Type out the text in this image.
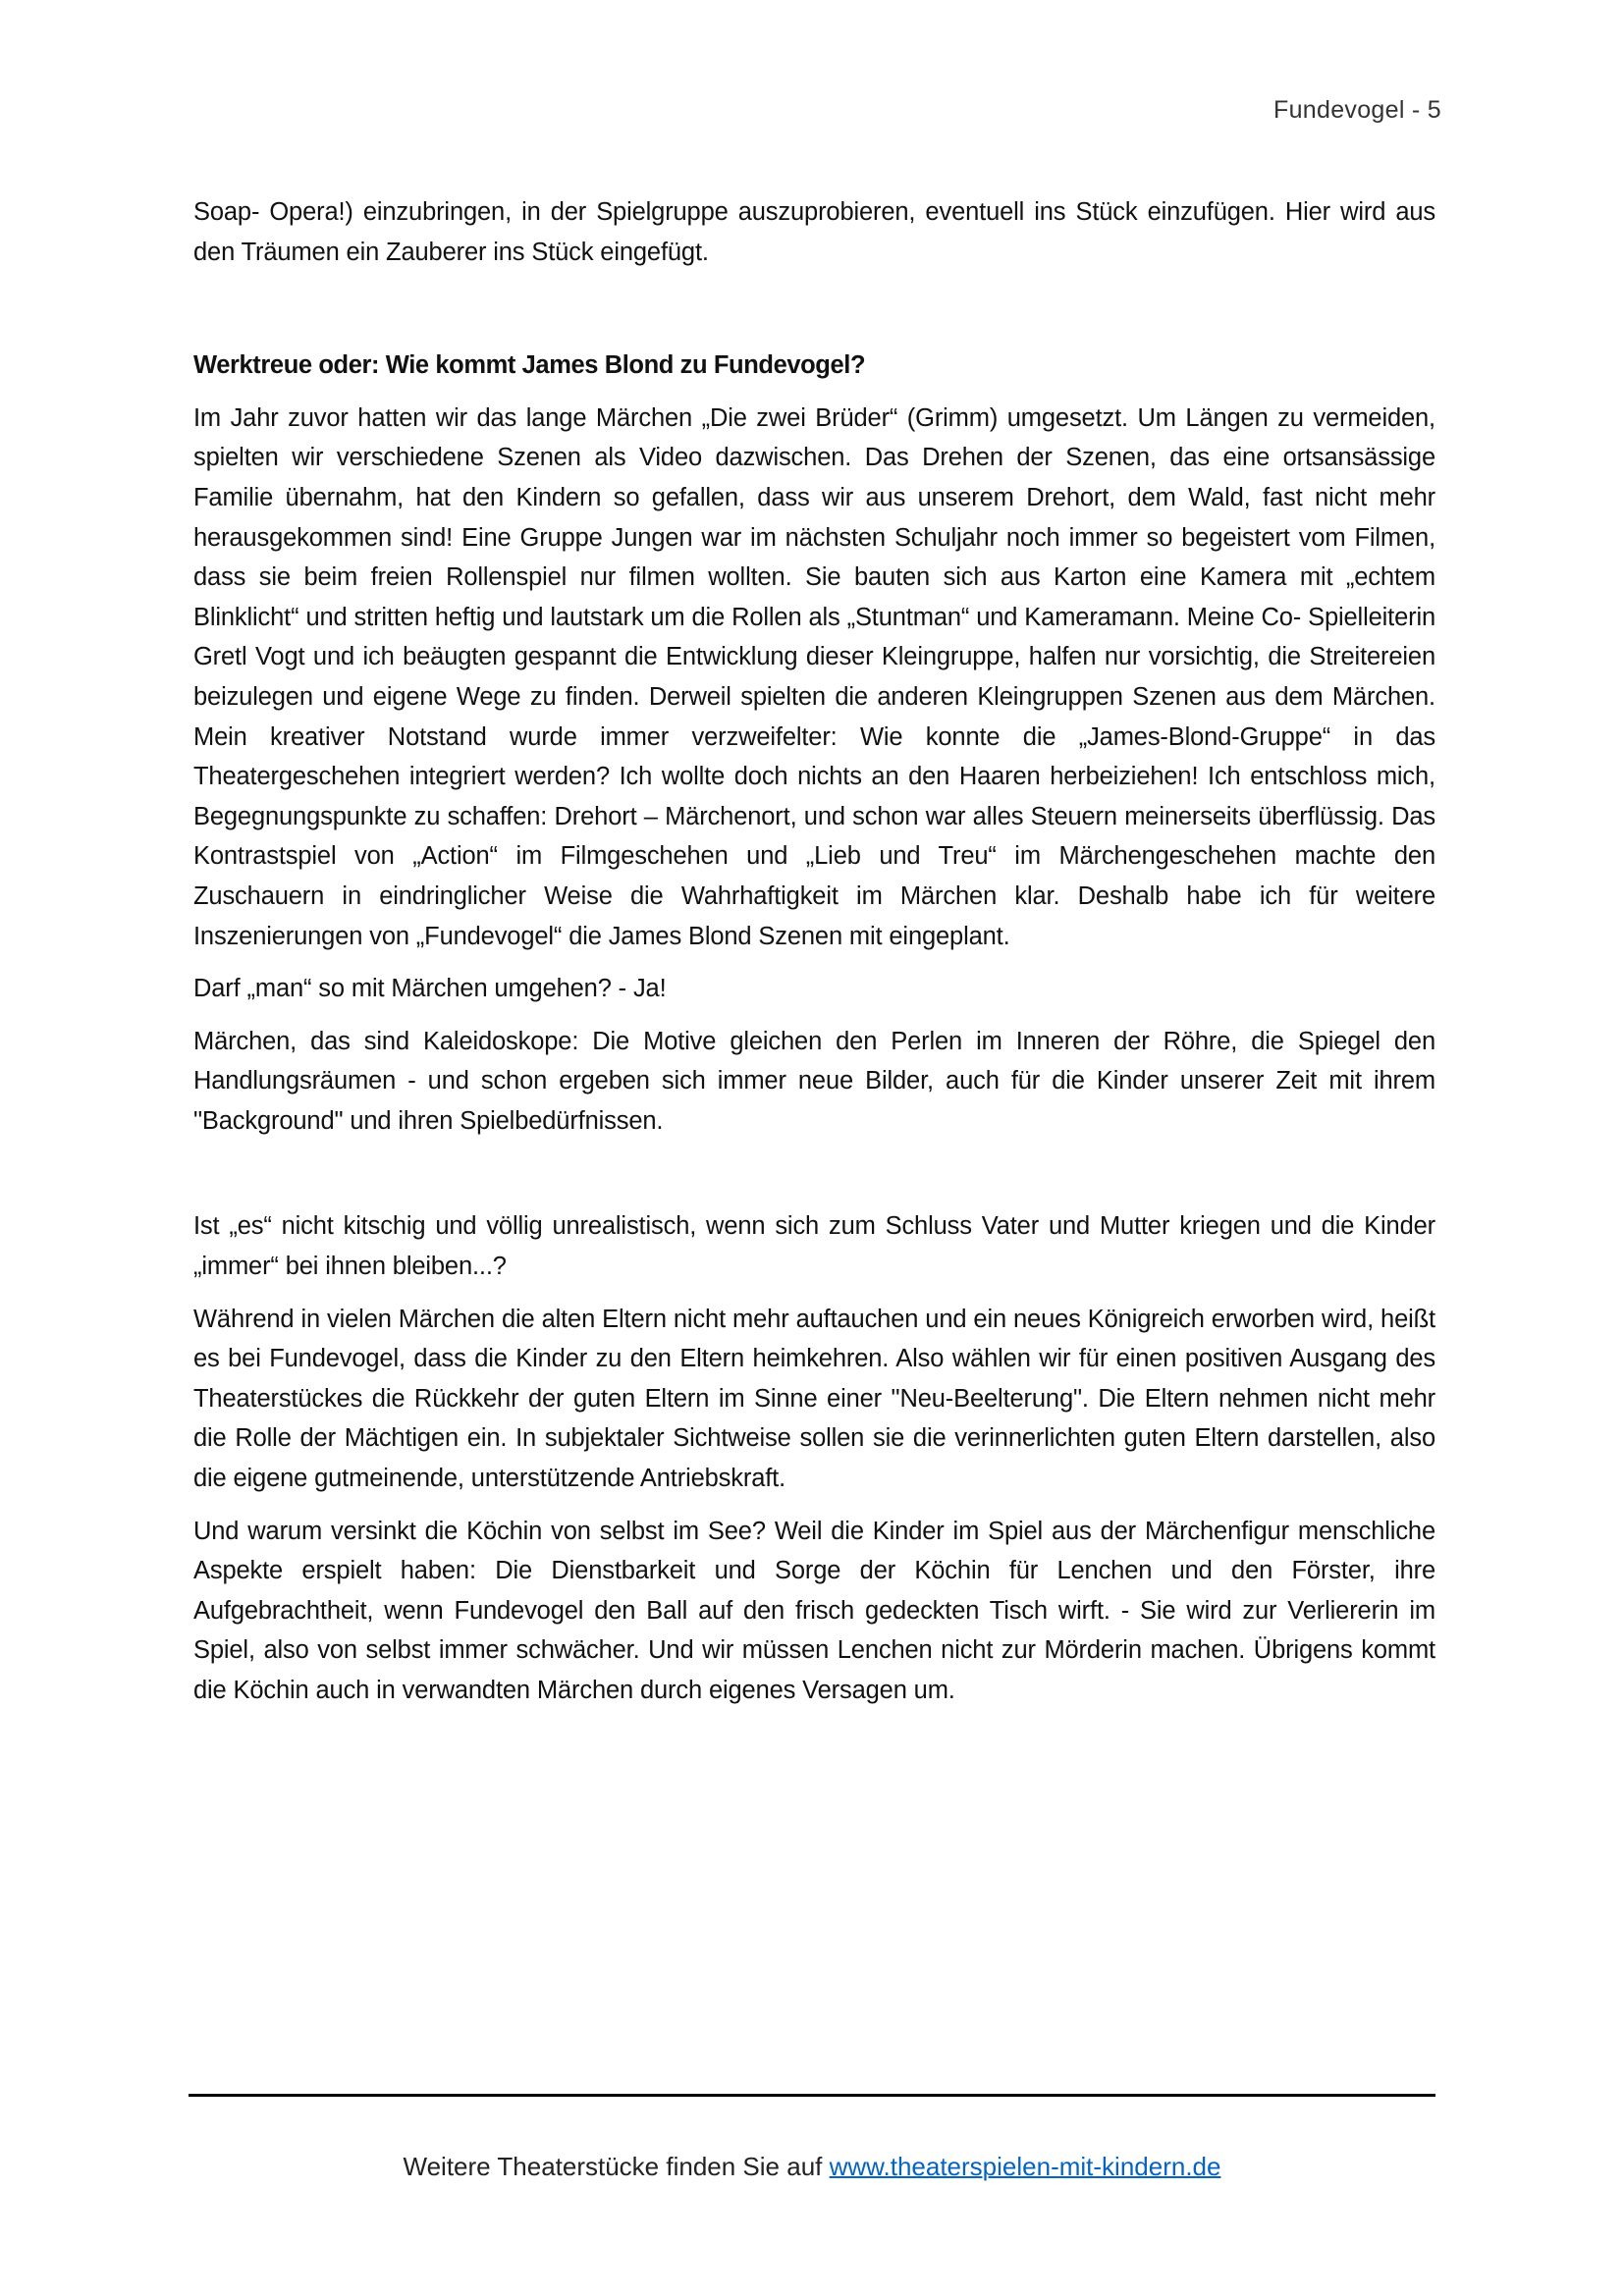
Fundevogel - 5

Soap- Opera!) einzubringen, in der Spielgruppe auszuprobieren, eventuell ins Stück einzufügen. Hier wird aus den Träumen ein Zauberer ins Stück eingefügt.

Werktreue oder: Wie kommt James Blond zu Fundevogel?

Im Jahr zuvor hatten wir das lange Märchen „Die zwei Brüder“ (Grimm) umgesetzt. Um Längen zu vermeiden, spielten wir verschiedene Szenen als Video dazwischen. Das Drehen der Szenen, das eine ortsansässige Familie übernahm, hat den Kindern so gefallen, dass wir aus unserem Drehort, dem Wald, fast nicht mehr herausgekommen sind! Eine Gruppe Jungen war im nächsten Schuljahr noch immer so begeistert vom Filmen, dass sie beim freien Rollenspiel nur filmen wollten. Sie bauten sich aus Karton eine Kamera mit „echtem Blinklicht“ und stritten heftig und lautstark um die Rollen als „Stuntman“ und Kameramann. Meine Co- Spielleiterin Gretl Vogt und ich beäugten gespannt die Entwicklung dieser Kleingruppe, halfen nur vorsichtig, die Streitereien beizulegen und eigene Wege zu finden. Derweil spielten die anderen Kleingruppen Szenen aus dem Märchen. Mein kreativer Notstand wurde immer verzweifelter: Wie konnte die „James-Blond-Gruppe“ in das Theatergeschehen integriert werden? Ich wollte doch nichts an den Haaren herbeiziehen! Ich entschloss mich, Begegnungspunkte zu schaffen: Drehort – Märchenort, und schon war alles Steuern meinerseits überflüssig. Das Kontrastspiel von „Action“ im Filmgeschehen und „Lieb und Treu“ im Märchengeschehen machte den Zuschauern in eindringlicher Weise die Wahrhaftigkeit im Märchen klar. Deshalb habe ich für weitere Inszenierungen von „Fundevogel“ die James Blond Szenen mit eingeplant.

Darf „man“ so mit Märchen umgehen? - Ja!

Märchen, das sind Kaleidoskope: Die Motive gleichen den Perlen im Inneren der Röhre, die Spiegel den Handlungsräumen - und schon ergeben sich immer neue Bilder, auch für die Kinder unserer Zeit mit ihrem "Background" und ihren Spielbedürfnissen.

Ist „es“ nicht kitschig und völlig unrealistisch, wenn sich zum Schluss Vater und Mutter kriegen und die Kinder „immer“ bei ihnen bleiben...?

Während in vielen Märchen die alten Eltern nicht mehr auftauchen und ein neues Königreich erworben wird, heißt es bei Fundevogel, dass die Kinder zu den Eltern heimkehren. Also wählen wir für einen positiven Ausgang des Theaterstückes die Rückkehr der guten Eltern im Sinne einer "Neu-Beelterung". Die Eltern nehmen nicht mehr die Rolle der Mächtigen ein. In subjektaler Sichtweise sollen sie die verinnerlichten guten Eltern darstellen, also die eigene gutmeinende, unterstützende Antriebskraft.

Und warum versinkt die Köchin von selbst im See? Weil die Kinder im Spiel aus der Märchenfigur menschliche Aspekte erspielt haben: Die Dienstbarkeit und Sorge der Köchin für Lenchen und den Förster, ihre Aufgebrachtheit, wenn Fundevogel den Ball auf den frisch gedeckten Tisch wirft. - Sie wird zur Verliererin im Spiel, also von selbst immer schwächer. Und wir müssen Lenchen nicht zur Mörderin machen. Übrigens kommt die Köchin auch in verwandten Märchen durch eigenes Versagen um.

Weitere Theaterstücke finden Sie auf www.theaterspielen-mit-kindern.de
